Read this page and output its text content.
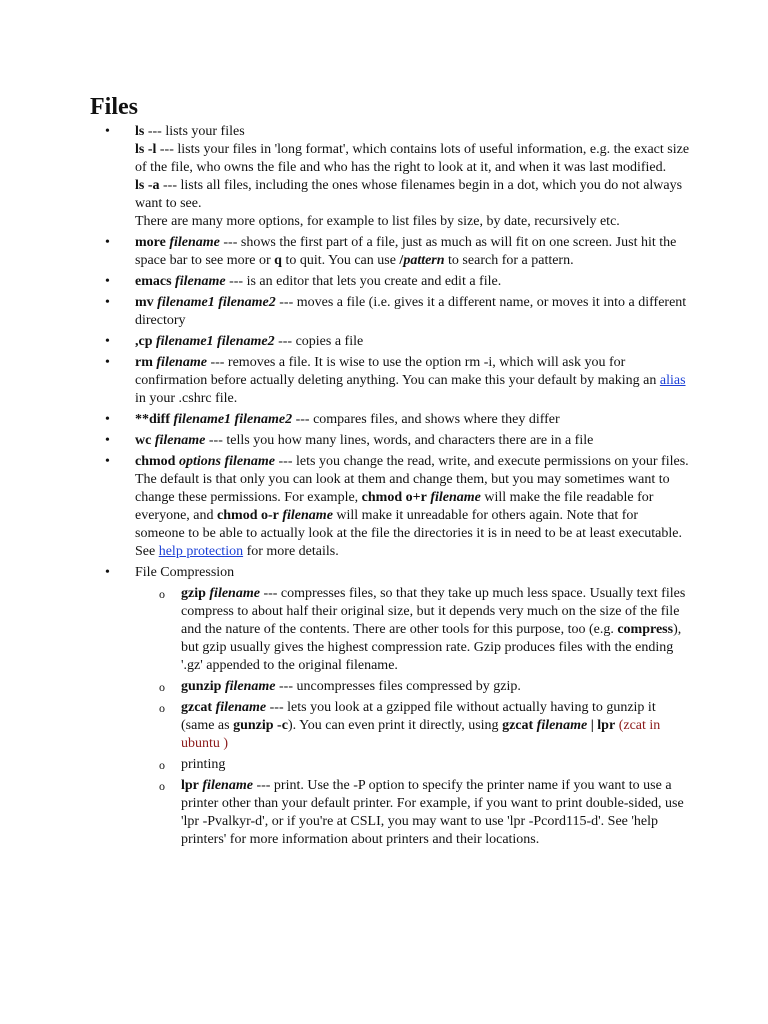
Files
• ls --- lists your files
ls -l --- lists your files in 'long format', which contains lots of useful information, e.g. the exact size of the file, who owns the file and who has the right to look at it, and when it was last modified.
ls -a --- lists all files, including the ones whose filenames begin in a dot, which you do not always want to see.
There are many more options, for example to list files by size, by date, recursively etc.
• more filename --- shows the first part of a file, just as much as will fit on one screen. Just hit the space bar to see more or q to quit. You can use /pattern to search for a pattern.
• emacs filename --- is an editor that lets you create and edit a file.
• mv filename1 filename2 --- moves a file (i.e. gives it a different name, or moves it into a different directory
• ,cp filename1 filename2 --- copies a file
• rm filename --- removes a file. It is wise to use the option rm -i, which will ask you for confirmation before actually deleting anything. You can make this your default by making an alias in your .cshrc file.
• **diff filename1 filename2 --- compares files, and shows where they differ
• wc filename --- tells you how many lines, words, and characters there are in a file
• chmod options filename --- lets you change the read, write, and execute permissions on your files. The default is that only you can look at them and change them, but you may sometimes want to change these permissions. For example, chmod o+r filename will make the file readable for everyone, and chmod o-r filename will make it unreadable for others again. Note that for someone to be able to actually look at the file the directories it is in need to be at least executable. See help protection for more details.
• File Compression
o gzip filename --- compresses files, so that they take up much less space. Usually text files compress to about half their original size, but it depends very much on the size of the file and the nature of the contents. There are other tools for this purpose, too (e.g. compress), but gzip usually gives the highest compression rate. Gzip produces files with the ending '.gz' appended to the original filename.
o gunzip filename --- uncompresses files compressed by gzip.
o gzcat filename --- lets you look at a gzipped file without actually having to gunzip it (same as gunzip -c). You can even print it directly, using gzcat filename | lpr (zcat in ubuntu )
o printing
o lpr filename --- print. Use the -P option to specify the printer name if you want to use a printer other than your default printer. For example, if you want to print double-sided, use 'lpr -Pvalkyr-d', or if you're at CSLI, you may want to use 'lpr -Pcord115-d'. See 'help printers' for more information about printers and their locations.
